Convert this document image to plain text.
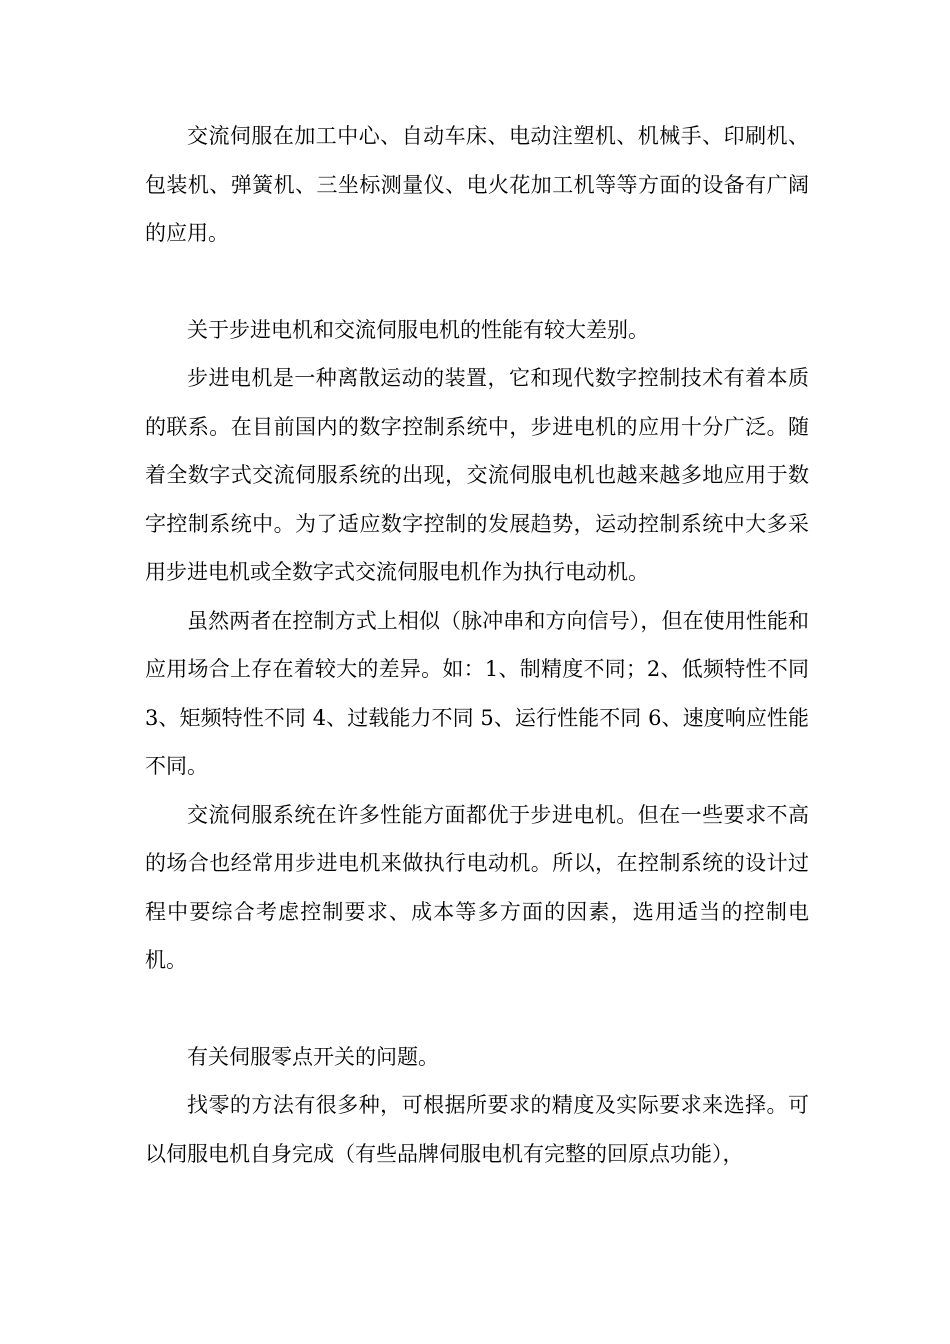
交流伺服在加工中心、自动车床、电动注塑机、机械手、印刷机、包装机、弹簧机、三坐标测量仪、电火花加工机等等方面的设备有广阔的应用。

关于步进电机和交流伺服电机的性能有较大差别。

步进电机是一种离散运动的装置，它和现代数字控制技术有着本质的联系。在目前国内的数字控制系统中，步进电机的应用十分广泛。随着全数字式交流伺服系统的出现，交流伺服电机也越来越多地应用于数字控制系统中。为了适应数字控制的发展趋势，运动控制系统中大多采用步进电机或全数字式交流伺服电机作为执行电动机。

虽然两者在控制方式上相似（脉冲串和方向信号），但在使用性能和应用场合上存在着较大的差异。如：1、制精度不同；2、低频特性不同 3、矩频特性不同 4、过载能力不同 5、运行性能不同 6、速度响应性能不同。

交流伺服系统在许多性能方面都优于步进电机。但在一些要求不高的场合也经常用步进电机来做执行电动机。所以，在控制系统的设计过程中要综合考虑控制要求、成本等多方面的因素，选用适当的控制电机。

有关伺服零点开关的问题。

找零的方法有很多种，可根据所要求的精度及实际要求来选择。可以伺服电机自身完成（有些品牌伺服电机有完整的回原点功能），
